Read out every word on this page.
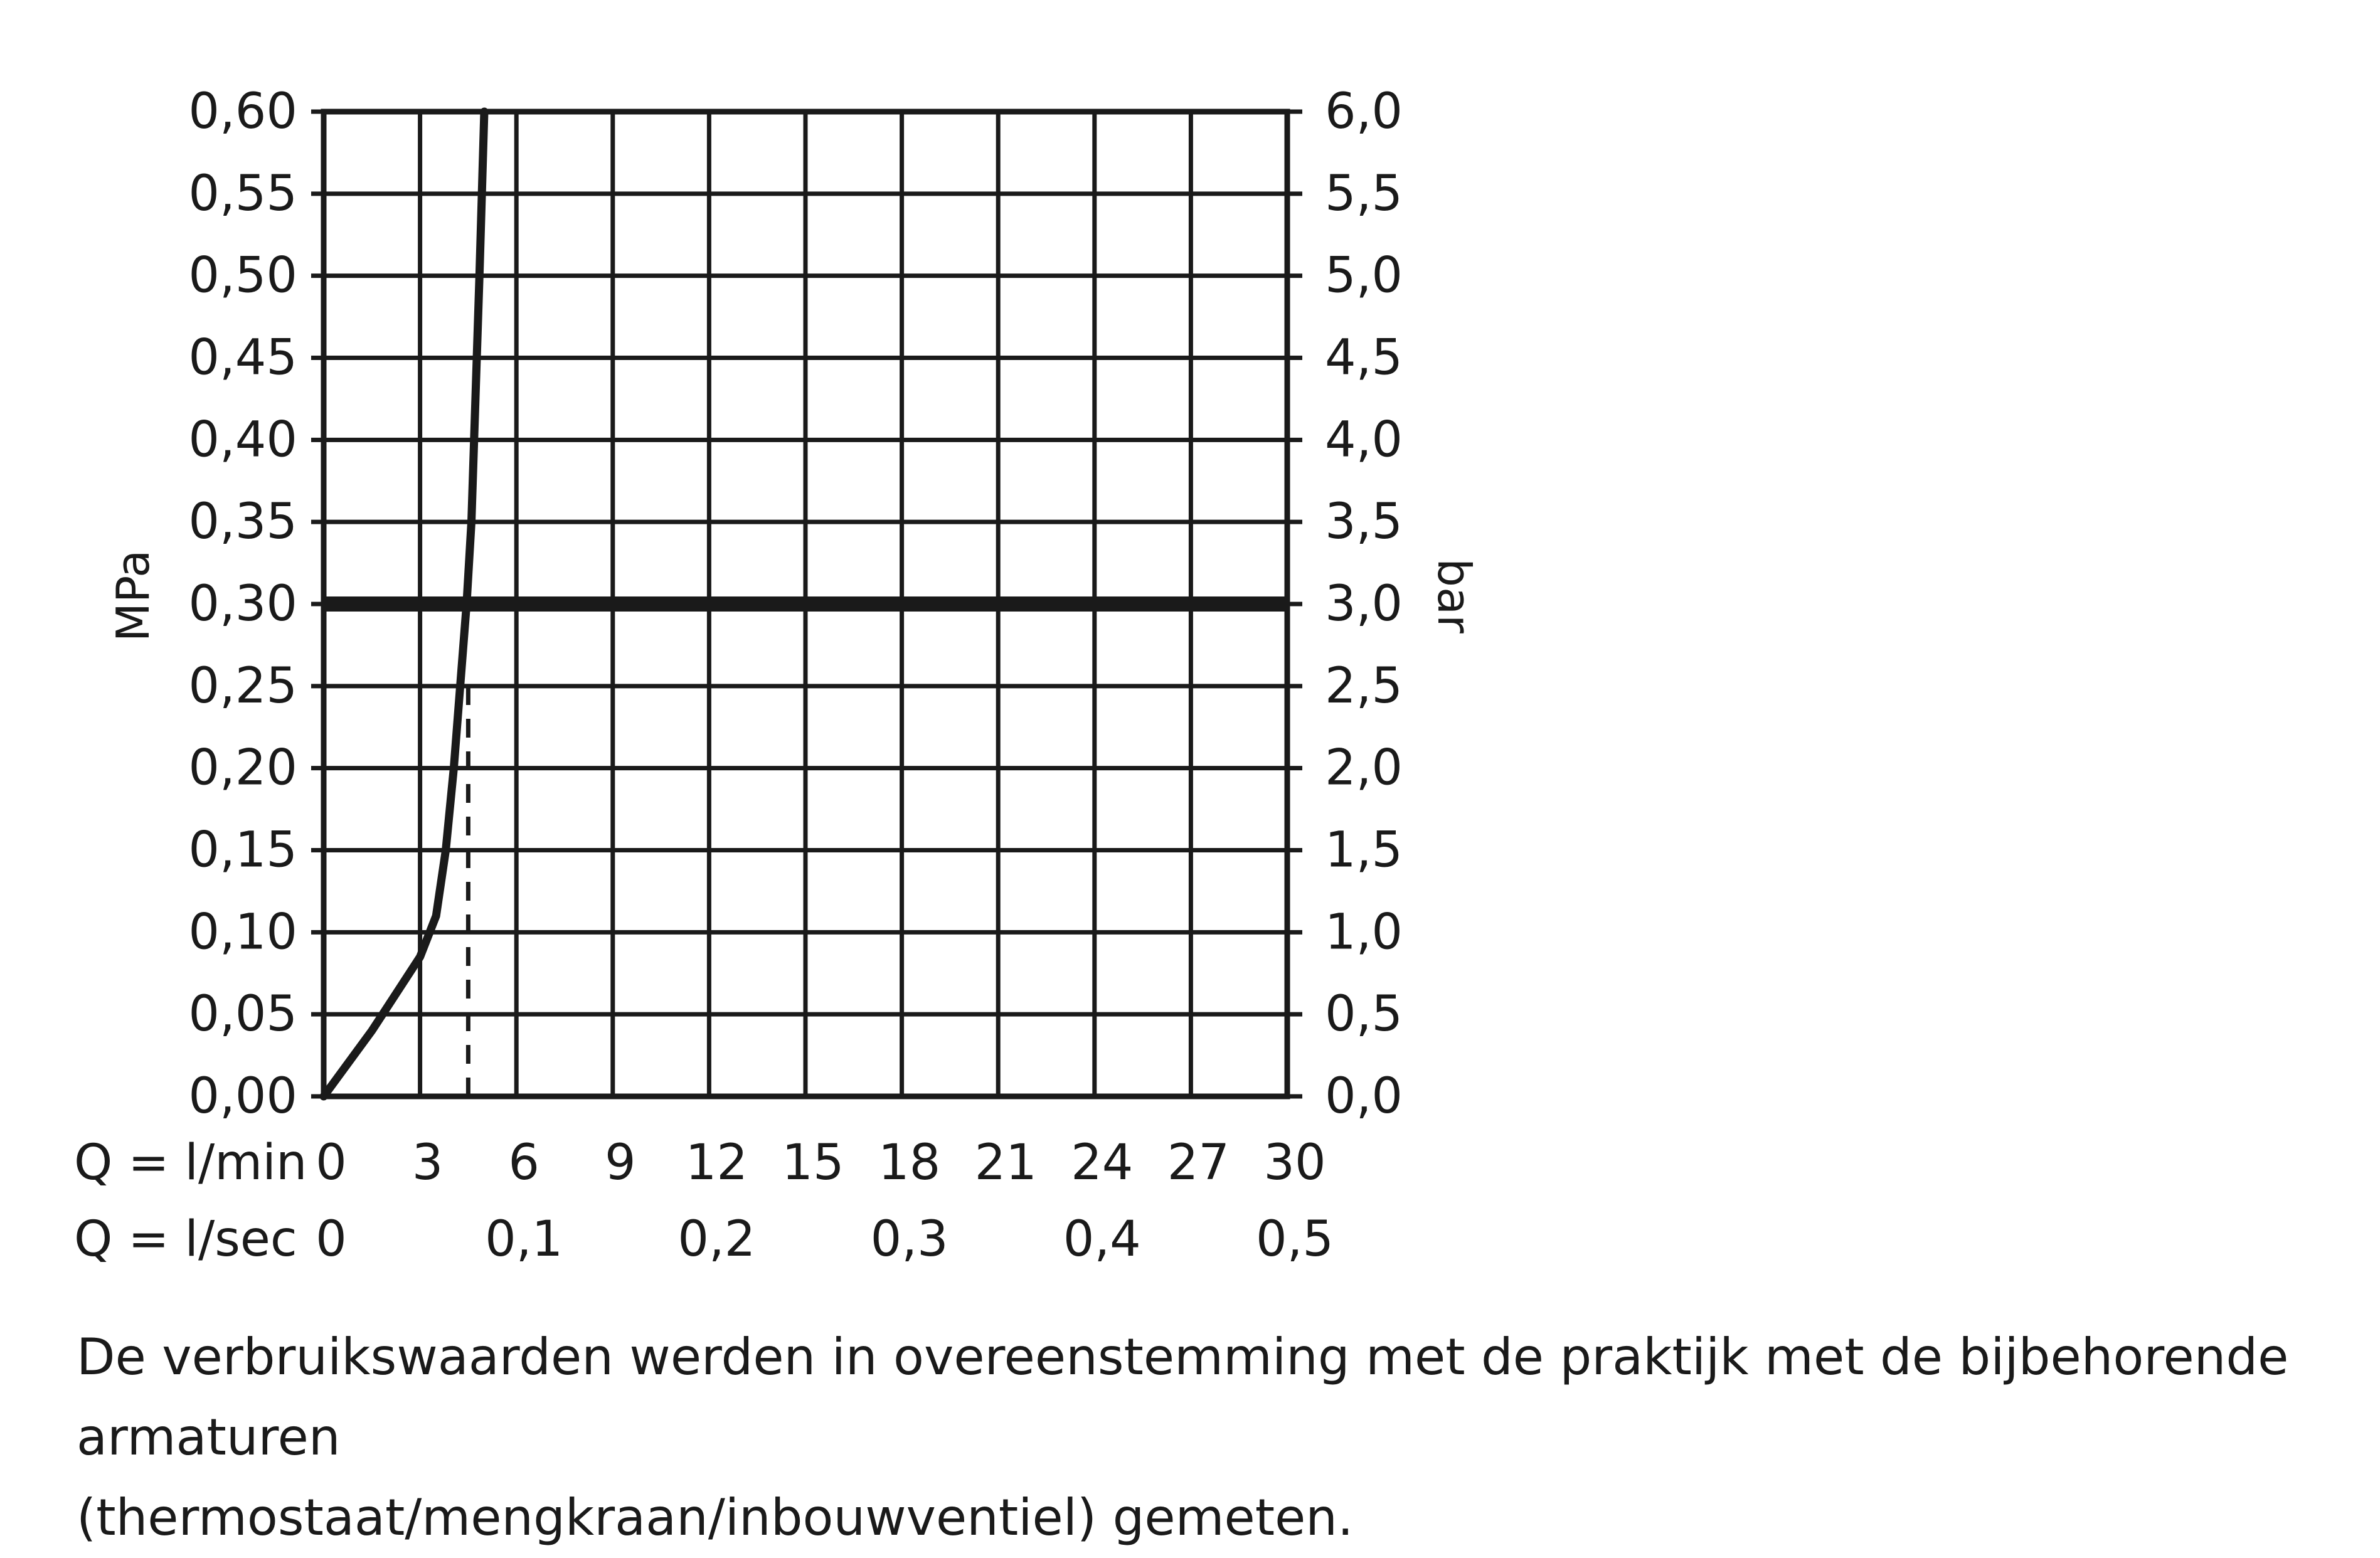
0,00
0,05
0,10
0,15
0,20
0,25
0,30
0,35
0,40
0,45
0,50
0,55
0,60
0,0
0,5
1,0
1,5
2,0
2,5
3,0
3,5
4,0
4,5
5,0
5,5
6,0
0 3 6 9 12 15 18 21 24 27 30
0	0,1 0,2 0,3 0,4 0,5
MPa	bar
Q = l/min
Q = l/sec
De verbruikswaarden werden in overeenstemming met de praktijk met de bijbehorende armaturen
(thermostaat/mengkraan/inbouwventiel) gemeten.
